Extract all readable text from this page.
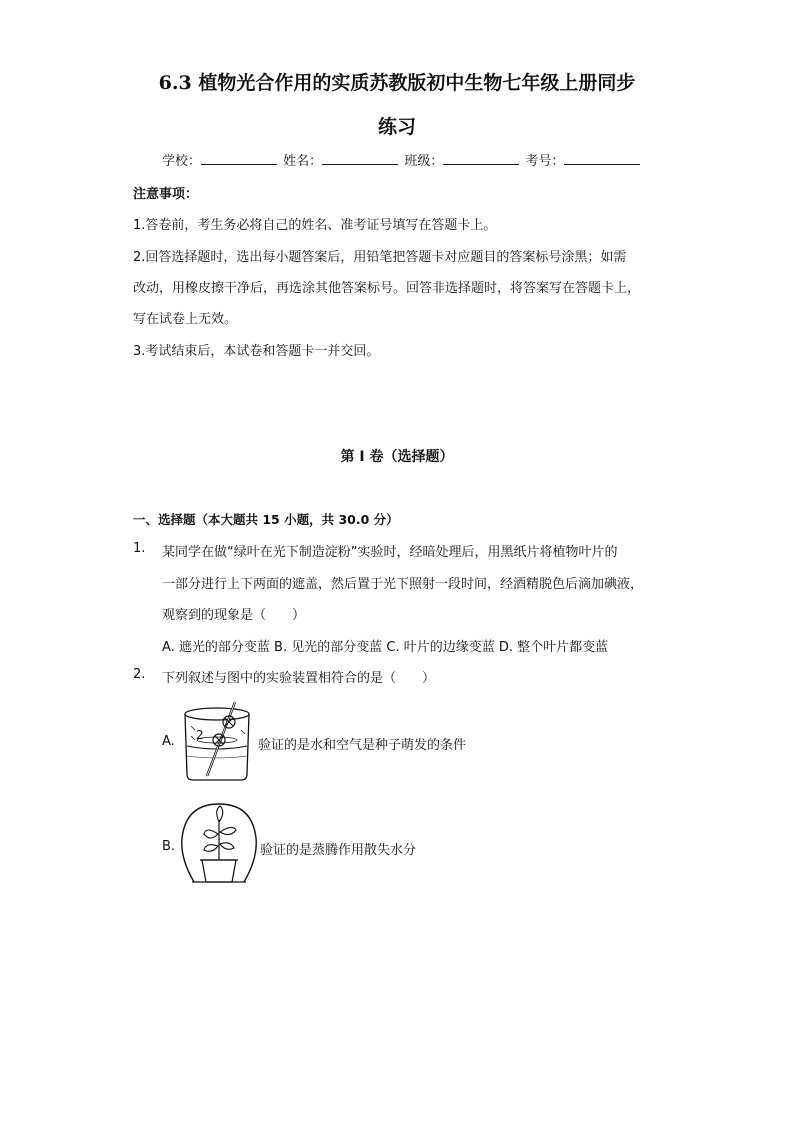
6.3 植物光合作用的实质苏教版初中生物七年级上册同步
练习
学校：	姓名：	班级：	考号：
注意事项：
1.答卷前，考生务必将自己的姓名、准考证号填写在答题卡上。
2.回答选择题时，选出每小题答案后，用铅笔把答题卡对应题目的答案标号涂黑；如需
改动，用橡皮擦干净后，再选涂其他答案标号。回答非选择题时，将答案写在答题卡上，
写在试卷上无效。
3.考试结束后，本试卷和答题卡一并交回。
第 I 卷（选择题）
一、选择题（本大题共 15 小题，共 30.0 分）
1. 某同学在做“绿叶在光下制造淀粉”实验时，经暗处理后，用黑纸片将植物叶片的
一部分进行上下两面的遮盖，然后置于光下照射一段时间，经酒精脱色后滴加碘液，
观察到的现象是（　　）
A. 遮光的部分变蓝 B. 见光的部分变蓝 C. 叶片的边缘变蓝 D. 整个叶片都变蓝
2. 下列叙述与图中的实验装置相符合的是（　　）
A. 2
验证的是水和空气是种子萌发的条件
B.	验证的是蒸腾作用散失水分
